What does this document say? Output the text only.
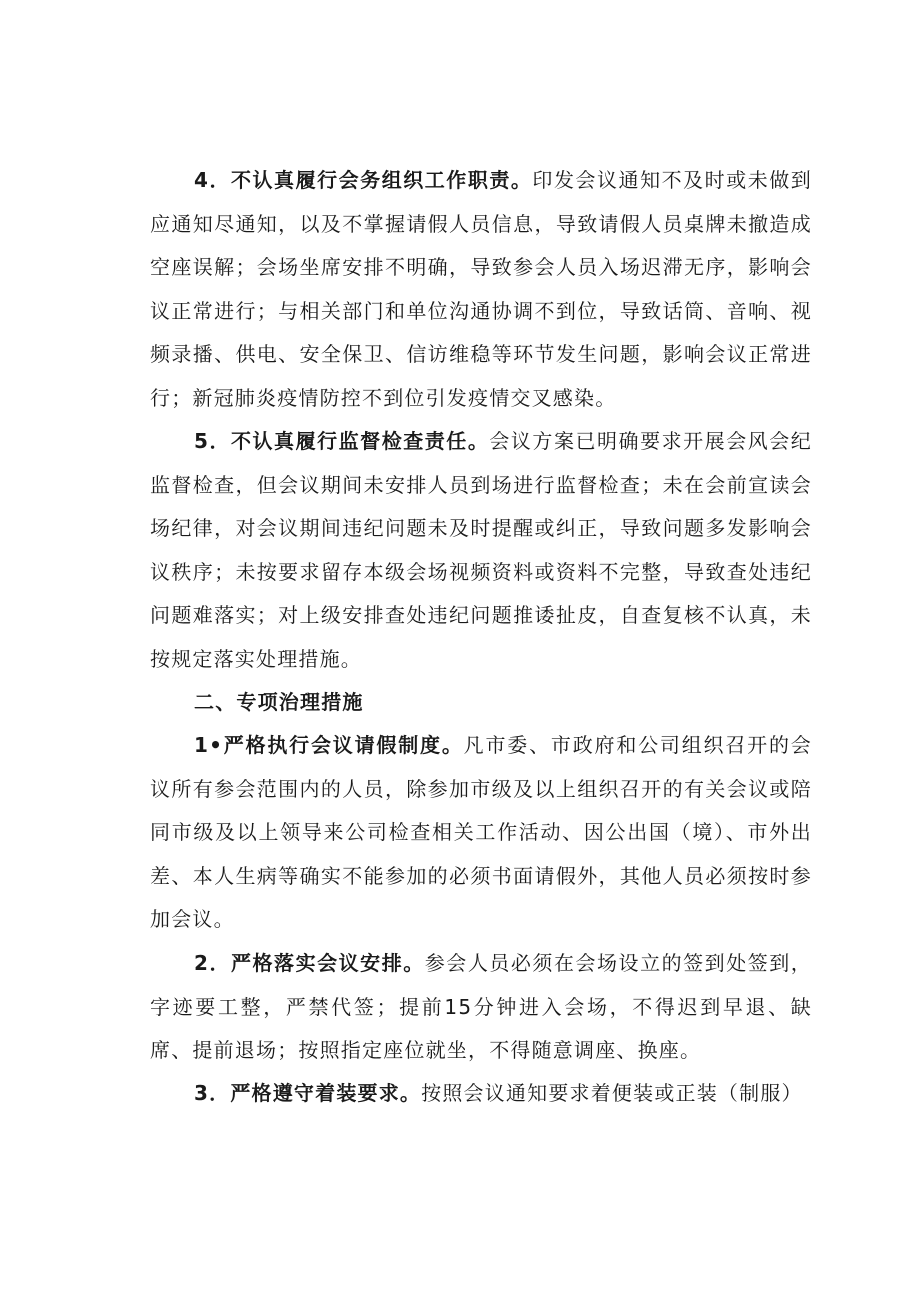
4．不认真履行会务组织工作职责。印发会议通知不及时或未做到应通知尽通知，以及不掌握请假人员信息，导致请假人员桌牌未撤造成空座误解；会场坐席安排不明确，导致参会人员入场迟滞无序，影响会议正常进行；与相关部门和单位沟通协调不到位，导致话筒、音响、视频录播、供电、安全保卫、信访维稳等环节发生问题，影响会议正常进行；新冠肺炎疫情防控不到位引发疫情交叉感染。

5．不认真履行监督检查责任。会议方案已明确要求开展会风会纪监督检查，但会议期间未安排人员到场进行监督检查；未在会前宣读会场纪律，对会议期间违纪问题未及时提醒或纠正，导致问题多发影响会议秩序；未按要求留存本级会场视频资料或资料不完整，导致查处违纪问题难落实；对上级安排查处违纪问题推诿扯皮，自查复核不认真，未按规定落实处理措施。

二、专项治理措施

1•严格执行会议请假制度。凡市委、市政府和公司组织召开的会议所有参会范围内的人员，除参加市级及以上组织召开的有关会议或陪同市级及以上领导来公司检查相关工作活动、因公出国（境）、市外出差、本人生病等确实不能参加的必须书面请假外，其他人员必须按时参加会议。

2．严格落实会议安排。参会人员必须在会场设立的签到处签到，字迹要工整，严禁代签；提前15分钟进入会场，不得迟到早退、缺席、提前退场；按照指定座位就坐，不得随意调座、换座。

3．严格遵守着装要求。按照会议通知要求着便装或正装（制服）
